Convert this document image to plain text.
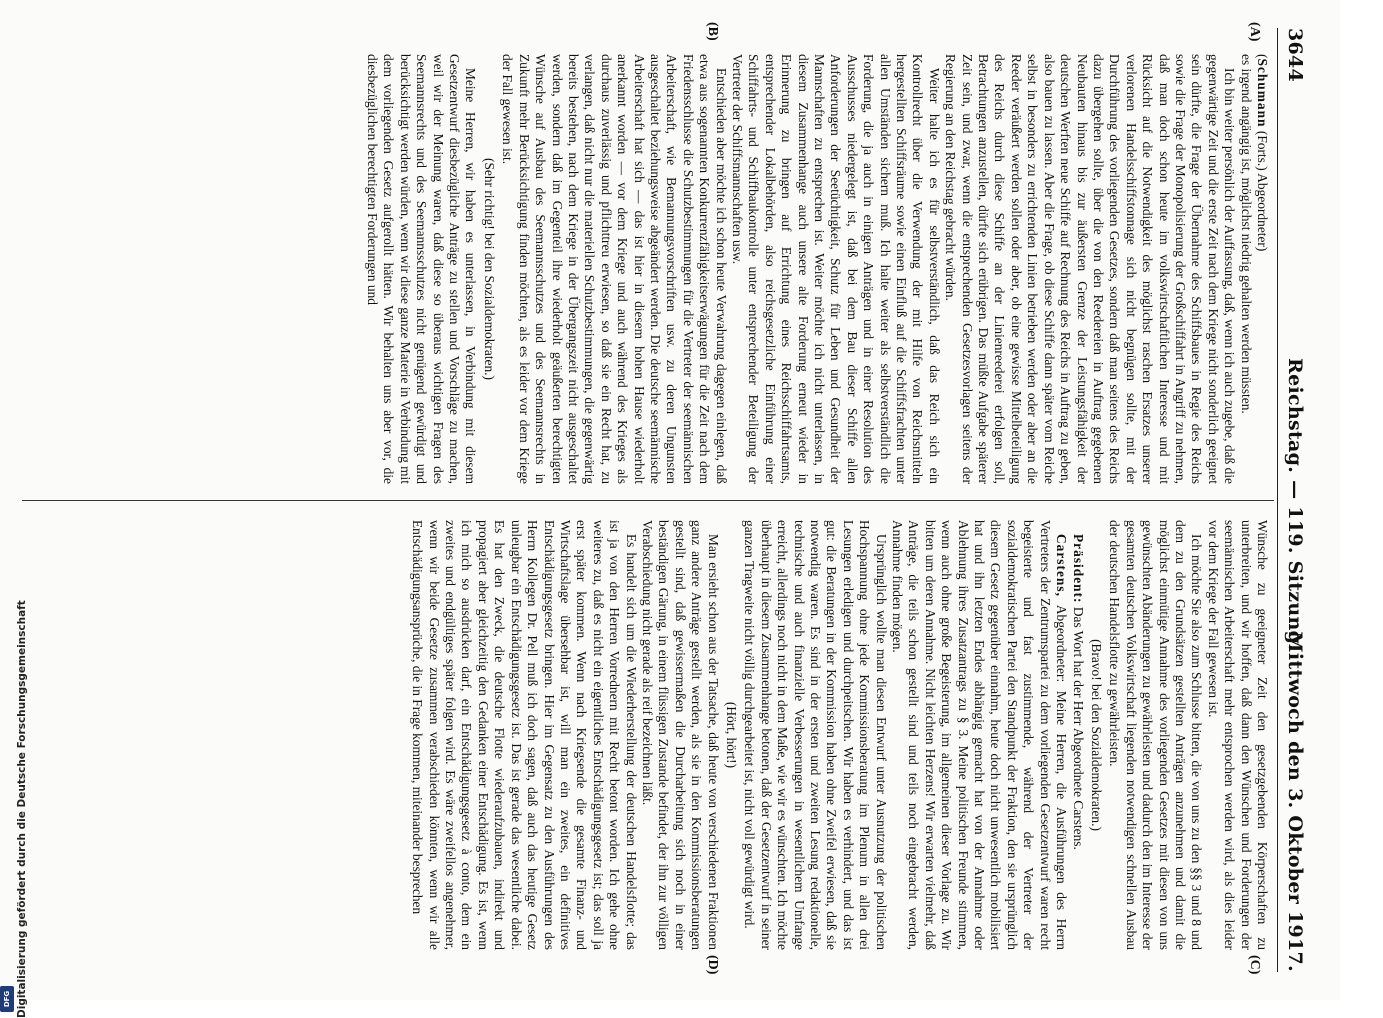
3644
Reichstag. — 119. Sitzung.
Mittwoch den 3. Oktober 1917.
(A)
(B)
(C)
(D)

(Schumann (Forts.) Abgeordneter)

es irgend angängig ist, möglichst niedrig gehalten werden müssten.

Ich bin weiter persönlich der Auffassung, daß, wenn ich auch zugebe, daß die gegenwärtige Zeit und die erste Zeit nach dem Kriege nicht sonderlich geeignet sein dürfte, die Frage der Übernahme des Schiffsbaues in Regie des Reichs sowie die Frage der Monopolisierung der Großschiffahrt in Angriff zu nehmen, daß man doch schon heute im volkswirtschaftlichen Interesse und mit Rücksicht auf die Notwendigkeit des möglichst raschen Ersatzes unserer verlorenen Handelsschiffstonnage sich nicht begnügen sollte, mit der Durchführung des vorliegenden Gesetzes, sondern daß man seitens des Reichs dazu übergehen sollte, über die von den Reedereien in Auftrag gegebenen Neubauten hinaus bis zur äußersten Grenze der Leistungsfähigkeit der deutschen Werften neue Schiffe auf Rechnung des Reichs in Auftrag zu geben, also bauen zu lassen. Aber die Frage, ob diese Schiffe dann später vom Reiche selbst in besonders zu errichtenden Linien betrieben werden oder aber an die Reeder veräußert werden sollen oder aber, ob eine gewisse Mittelbeteiligung des Reichs durch diese Schiffe an der Linienreederei erfolgen soll, Betrachtungen anzustellen, dürfte sich erübrigen. Das müßte Aufgabe späterer Zeit sein, und zwar, wenn die entsprechenden Gesetzesvorlagen seitens der Regierung an den Reichstag gebracht würden.

Weiter halte ich es für selbstverständlich, daß das Reich sich ein Kontrollrecht über die Verwendung der mit Hilfe von Reichsmitteln hergestellten Schiffsräume sowie einen Einfluß auf die Schiffsfrachten unter allen Umständen sichern muß. Ich halte weiter als selbstverständlich die Forderung, die ja auch in einigen Anträgen und in einer Resolution des Ausschusses niedergelegt ist, daß bei dem Bau dieser Schiffe allen Anforderungen der Seetüchtigkeit, Schutz für Leben und Gesundheit der Mannschaften zu entsprechen ist. Weiter möchte ich nicht unterlassen, in diesem Zusammenhange auch unsere alte Forderung erneut wieder in Erinnerung zu bringen auf Errichtung eines Reichsschiffahrtsamts, entsprechender Lokalbehörden, also reichsgesetzliche Einführung einer Schiffahrts- und Schiffbaukontrolle unter entsprechender Beteiligung der Vertreter der Schiffsmannschaften usw.

Entschieden aber möchte ich schon heute Verwahrung dagegen einlegen, daß etwa aus sogenannten Konkurrenzfähigkeitserwägungen für die Zeit nach dem Friedensschlusse die Schutzbestimmungen für die Vertreter der seemännischen Arbeiterschaft, wie Bemannungsvorschriften usw. zu deren Ungunsten ausgeschaltet beziehungsweise abgeändert werden. Die deutsche seemännische Arbeiterschaft hat sich — das ist hier in diesem hohen Hause wiederholt anerkannt worden — vor dem Kriege und auch während des Krieges als durchaus zuverlässig und pflichttreu erwiesen, so daß sie ein Recht hat, zu verlangen, daß nicht nur die materiellen Schutzbestimmungen, die gegenwärtig bereits bestehen, nach dem Kriege in der Übergangszeit nicht ausgeschaltet werden, sondern daß im Gegenteil ihre wiederholt geäußerten berechtigten Wünsche auf Ausbau des Seemannsschutzes und des Seemannsrechts in Zukunft mehr Berücksichtigung finden möchten, als es leider vor dem Kriege der Fall gewesen ist.

(Sehr richtig! bei den Sozialdemokraten.)

Meine Herren, wir haben es unterlassen, in Verbindung mit diesem Gesetzentwurf diesbezügliche Anträge zu stellen und Vorschläge zu machen, weil wir der Meinung waren, daß diese so überaus wichtigen Fragen des Seemannsrechts und des Seemannsschutzes nicht genügend gewürdigt und berücksichtigt werden würden, wenn wir diese ganze Materie in Verbindung mit dem vorliegenden Gesetz aufgerollt hätten. Wir behalten uns aber vor, die diesbezüglichen berechtigten Forderungen und

Wünsche zu geeigneter Zeit den gesetzgebenden Körperschaften zu unterbreiten, und wir hoffen, daß dann den Wünschen und Forderungen der seemännischen Arbeiterschaft mehr entsprochen werden wird, als dies leider vor dem Kriege der Fall gewesen ist.

Ich möchte Sie also zum Schlusse bitten, die von uns zu den §§ 3 und 8 und dem zu den Grundsätzen gestellten Anträgen anzunehmen und damit die möglichst einmütige Annahme des vorliegenden Gesetzes mit diesen von uns gewünschten Abänderungen zu gewährleisten und dadurch den im Interesse der gesamten deutschen Volkswirtschaft liegenden notwendigen schnellen Ausbau der deutschen Handelsflotte zu gewährleisten.

(Bravo! bei den Sozialdemokraten.)

Präsident: Das Wort hat der Herr Abgeordnete Carstens.

Carstens, Abgeordneter: Meine Herren, die Ausführungen des Herrn Vertreters der Zentrumspartei zu dem vorliegenden Gesetzentwurf waren recht begeisterte und fast zustimmende, während der Vertreter der sozialdemokratischen Partei den Standpunkt der Fraktion, den sie ursprünglich diesem Gesetz gegenüber einnahm, heute doch nicht unwesentlich mobilisiert hat und ihn letzten Endes abhängig gemacht hat von der Annahme oder Ablehnung ihres Zusatzantrags zu § 3. Meine politischen Freunde stimmen, wenn auch ohne große Begeisterung, im allgemeinen dieser Vorlage zu. Wir bitten um deren Annahme. Nicht leichten Herzens! Wir erwarten vielmehr, daß Anträge, die teils schon gestellt sind und teils noch eingebracht werden, Annahme finden mögen.

Ursprünglich wollte man diesen Entwurf unter Ausnutzung der politischen Hochspannung ohne jede Kommissionsberatung im Plenum in allen drei Lesungen erledigen und durchpeitschen. Wir haben es verhindert, und das ist gut: die Beratungen in der Kommission haben ohne Zweifel erwiesen, daß sie notwendig waren. Es sind in der ersten und zweiten Lesung redaktionelle, technische und auch finanzielle Verbesserungen in wesentlichem Umfange erreicht, allerdings noch nicht in dem Maße, wie wir es wünschten. Ich möchte überhaupt in diesem Zusammenhange betonen, daß der Gesetzentwurf in seiner ganzen Tragweite nicht völlig durchgearbeitet ist, nicht voll gewürdigt wird.

(Hört, hört!)

Man ersieht schon aus der Tatsache, daß heute von verschiedenen Fraktionen ganz andere Anträge gestellt werden, als sie in den Kommissionsberatungen gestellt sind, daß gewissermaßen die Durcharbeitung sich noch in einer beständigen Gärung, in einem flüssigen Zustande befindet, der ihn zur völligen Verabschiedung nicht gerade als reif bezeichnen läßt.

Es handelt sich um die Wiederherstellung der deutschen Handelsflotte; das ist ja von den Herren Vorrednern mit Recht betont worden. Ich gehe ohne weiteres zu, daß es nicht ein eigentliches Entschädigungsgesetz ist; das soll ja erst später kommen. Wenn nach Kriegsende die gesamte Finanz- und Wirtschaftslage übersehbar ist, will man ein zweites, ein definitives Entschädigungsgesetz bringen. Hier im Gegensatz zu den Ausführungen des Herrn Kollegen Dr. Pell muß ich doch sagen, daß auch das heutige Gesetz unleugbar ein Entschädigungsgesetz ist. Das ist gerade das wesentliche dabei. Es hat den Zweck, die deutsche Flotte wiederaufzubauen, indirekt und propagiert aber gleichzeitig den Gedanken einer Entschädigung. Es ist, wenn ich mich so ausdrücken darf, ein Entschädigungsgesetz à conto, dem ein zweites und endgültiges später folgen wird. Es wäre zweifellos angenehmer, wenn wir beide Gesetze zusammen verabschieden könnten, wenn wir alle Entschädigungsansprüche, die in Frage kommen, miteinander besprechen

Digitalisierung gefördert durch die Deutsche Forschungsgemeinschaft
DFG
